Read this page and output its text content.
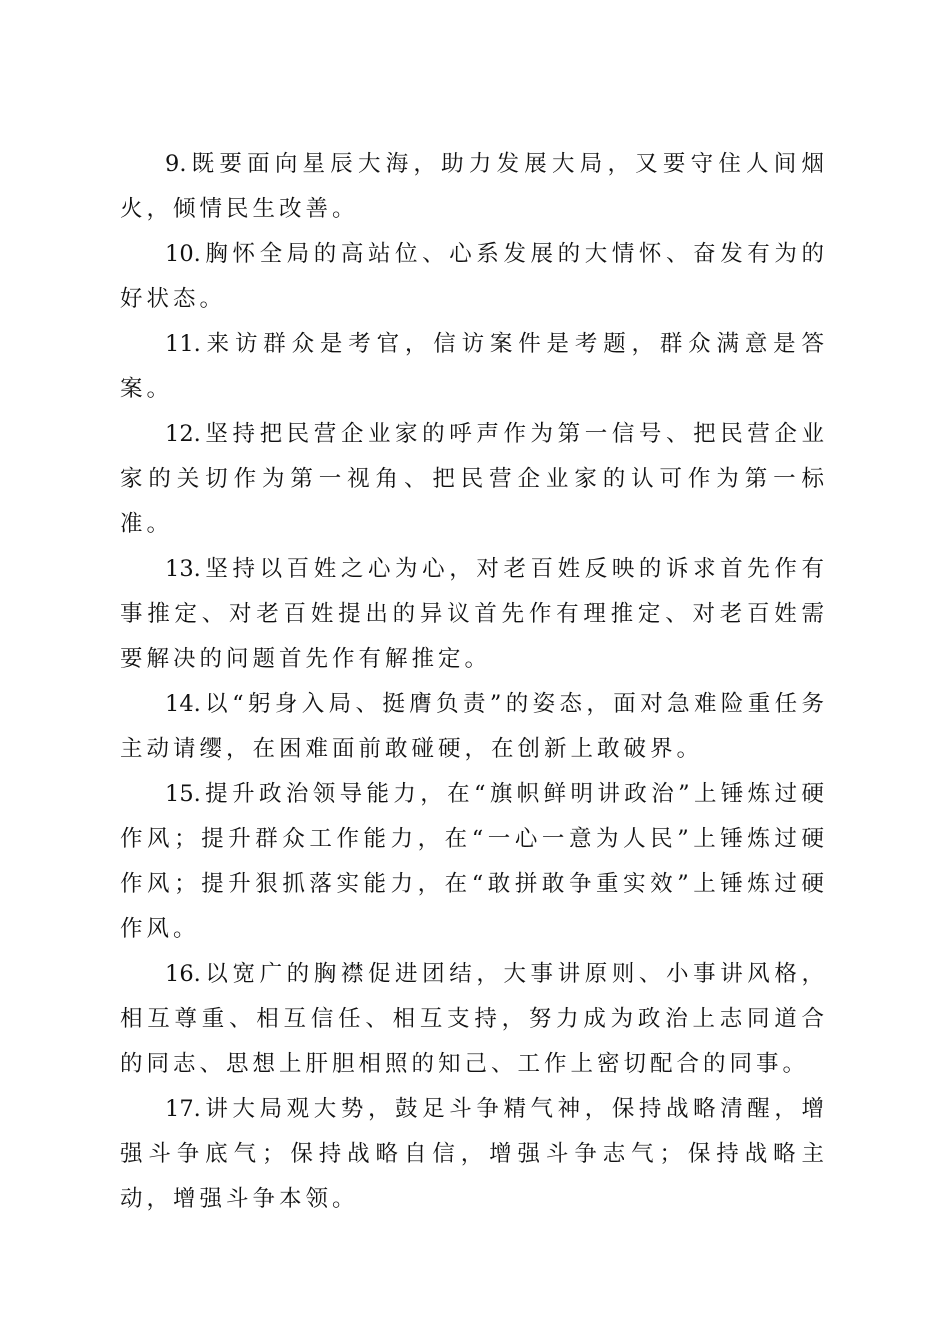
9. 既要面向星辰大海，助力发展大局，又要守住人间烟火，倾情民生改善。

10. 胸怀全局的高站位、心系发展的大情怀、奋发有为的好状态。

11. 来访群众是考官，信访案件是考题，群众满意是答案。

12. 坚持把民营企业家的呼声作为第一信号、把民营企业家的关切作为第一视角、把民营企业家的认可作为第一标准。

13. 坚持以百姓之心为心，对老百姓反映的诉求首先作有事推定、对老百姓提出的异议首先作有理推定、对老百姓需要解决的问题首先作有解推定。

14. 以“躬身入局、挺膺负责”的姿态，面对急难险重任务主动请缨，在困难面前敢碰硬，在创新上敢破界。

15. 提升政治领导能力，在“旗帜鲜明讲政治”上锤炼过硬作风；提升群众工作能力，在“一心一意为人民”上锤炼过硬作风；提升狠抓落实能力，在“敢拼敢争重实效”上锤炼过硬作风。

16. 以宽广的胸襟促进团结，大事讲原则、小事讲风格，相互尊重、相互信任、相互支持，努力成为政治上志同道合的同志、思想上肝胆相照的知己、工作上密切配合的同事。

17. 讲大局观大势，鼓足斗争精气神，保持战略清醒，增强斗争底气；保持战略自信，增强斗争志气；保持战略主动，增强斗争本领。
